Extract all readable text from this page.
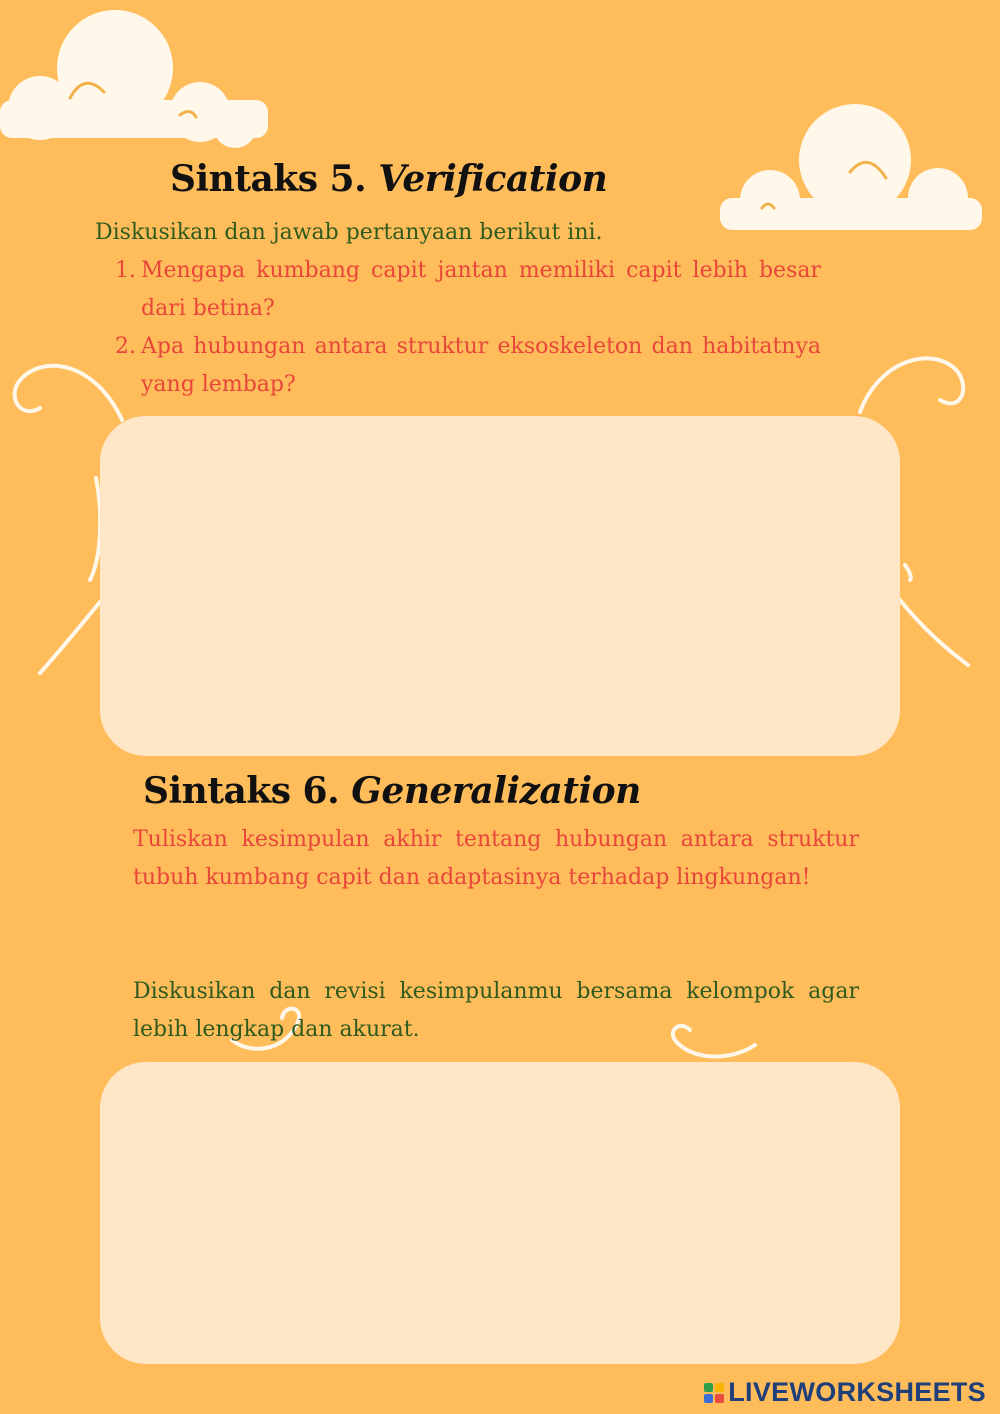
Sintaks 5. Verification

Diskusikan dan jawab pertanyaan berikut ini.

1. Mengapa kumbang capit jantan memiliki capit lebih besar dari betina?
2. Apa hubungan antara struktur eksoskeleton dan habitatnya yang lembap?
Sintaks 6. Generalization

Tuliskan kesimpulan akhir tentang hubungan antara struktur tubuh kumbang capit dan adaptasinya terhadap lingkungan!

Diskusikan dan revisi kesimpulanmu bersama kelompok agar lebih lengkap dan akurat.

LIVEWORKSHEETS
